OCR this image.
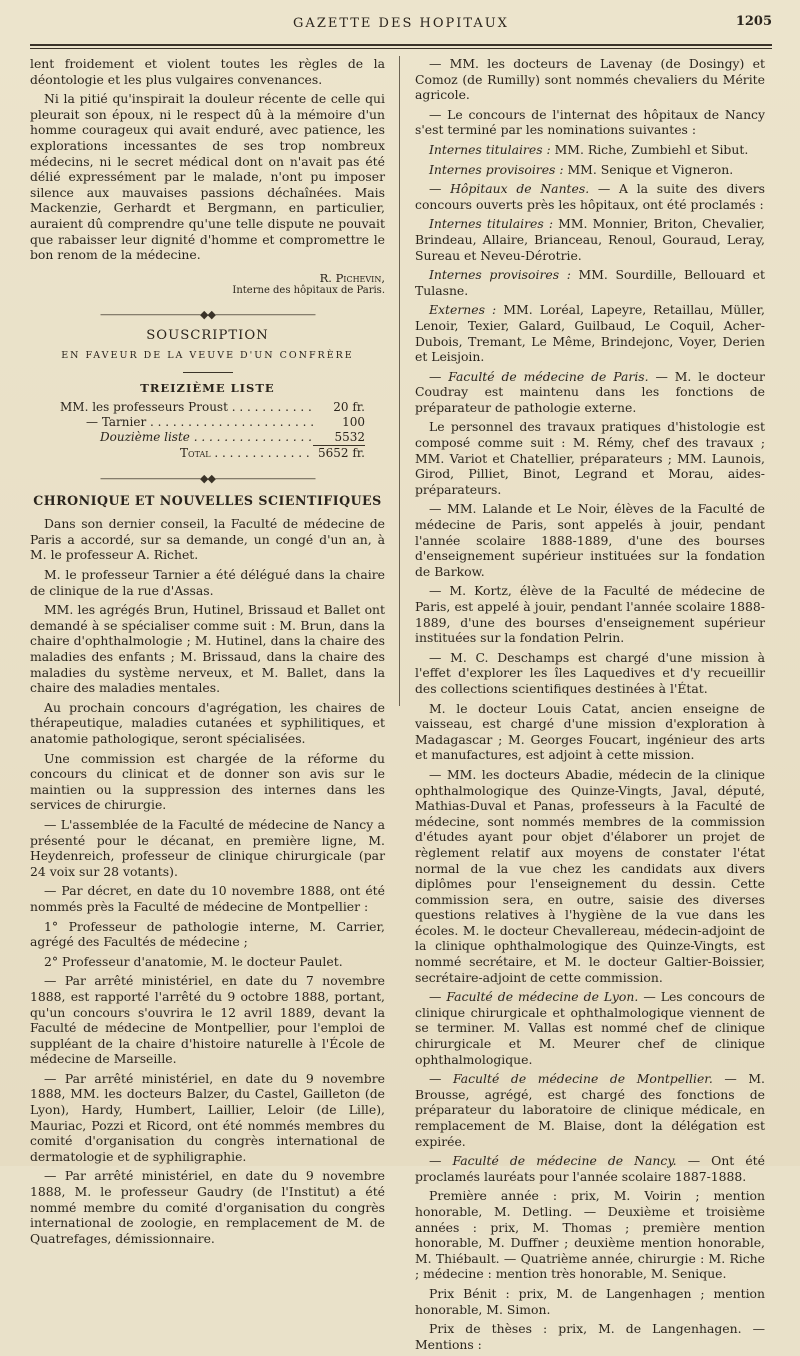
GAZETTE DES HOPITAUX	1205

lent froidement et violent toutes les règles de la déontologie et les plus vulgaires convenances.

Ni la pitié qu'inspirait la douleur récente de celle qui pleurait son époux, ni le respect dû à la mémoire d'un homme courageux qui avait enduré, avec patience, les explorations incessantes de ses trop nombreux médecins, ni le secret médical dont on n'avait pas été délié expressément par le malade, n'ont pu imposer silence aux mauvaises passions déchaînées. Mais Mackenzie, Gerhardt et Bergmann, en particulier, auraient dû comprendre qu'une telle dispute ne pouvait que rabaisser leur dignité d'homme et compromettre le bon renom de la médecine.

R. Pichevin,
Interne des hôpitaux de Paris.
——————————◆◆——————————
SOUSCRIPTION
EN FAVEUR DE LA VEUVE D'UN CONFRÈRE
TREIZIÈME LISTE
MM. les professeurs Proust . . .	20 fr.
— Tarnier . . .	100
Douzième liste . . .	5532
Total . . .	5652 fr.
——————————◆◆——————————
CHRONIQUE ET NOUVELLES SCIENTIFIQUES

Dans son dernier conseil, la Faculté de médecine de Paris a accordé, sur sa demande, un congé d'un an, à M. le professeur A. Richet.

M. le professeur Tarnier a été délégué dans la chaire de clinique de la rue d'Assas.

MM. les agrégés Brun, Hutinel, Brissaud et Ballet ont demandé à se spécialiser comme suit : M. Brun, dans la chaire d'ophthalmologie ; M. Hutinel, dans la chaire des maladies des enfants ; M. Brissaud, dans la chaire des maladies du système nerveux, et M. Ballet, dans la chaire des maladies mentales.

Au prochain concours d'agrégation, les chaires de thérapeutique, maladies cutanées et syphilitiques, et anatomie pathologique, seront spécialisées.

Une commission est chargée de la réforme du concours du clinicat et de donner son avis sur le maintien ou la suppression des internes dans les services de chirurgie.

— L'assemblée de la Faculté de médecine de Nancy a présenté pour le décanat, en première ligne, M. Heydenreich, professeur de clinique chirurgicale (par 24 voix sur 28 votants).

— Par décret, en date du 10 novembre 1888, ont été nommés près la Faculté de médecine de Montpellier :

1° Professeur de pathologie interne, M. Carrier, agrégé des Facultés de médecine ;

2° Professeur d'anatomie, M. le docteur Paulet.

— Par arrêté ministériel, en date du 7 novembre 1888, est rapporté l'arrêté du 9 octobre 1888, portant, qu'un concours s'ouvrira le 12 avril 1889, devant la Faculté de médecine de Montpellier, pour l'emploi de suppléant de la chaire d'histoire naturelle à l'École de médecine de Marseille.

— Par arrêté ministériel, en date du 9 novembre 1888, MM. les docteurs Balzer, du Castel, Gailleton (de Lyon), Hardy, Humbert, Laillier, Leloir (de Lille), Mauriac, Pozzi et Ricord, ont été nommés membres du comité d'organisation du congrès international de dermatologie et de syphiligraphie.

— Par arrêté ministériel, en date du 9 novembre 1888, M. le professeur Gaudry (de l'Institut) a été nommé membre du comité d'organisation du congrès international de zoologie, en remplacement de M. de Quatrefages, démissionnaire.

— MM. les docteurs de Lavenay (de Dosingy) et Comoz (de Rumilly) sont nommés chevaliers du Mérite agricole.

— Le concours de l'internat des hôpitaux de Nancy s'est terminé par les nominations suivantes :

Internes titulaires : MM. Riche, Zumbiehl et Sibut.

Internes provisoires : MM. Senique et Vigneron.

— Hôpitaux de Nantes. — A la suite des divers concours ouverts près les hôpitaux, ont été proclamés :

Internes titulaires : MM. Monnier, Briton, Chevalier, Brindeau, Allaire, Brianceau, Renoul, Gouraud, Leray, Sureau et Neveu-Dérotrie.

Internes provisoires : MM. Sourdille, Bellouard et Tulasne.

Externes : MM. Loréal, Lapeyre, Retaillau, Müller, Lenoir, Texier, Galard, Guilbaud, Le Coquil, Acher-Dubois, Tremant, Le Même, Brindejonc, Voyer, Derien et Leisjoin.

— Faculté de médecine de Paris. — M. le docteur Coudray est maintenu dans les fonctions de préparateur de pathologie externe.

Le personnel des travaux pratiques d'histologie est composé comme suit : M. Rémy, chef des travaux ; MM. Variot et Chatellier, préparateurs ; MM. Launois, Girod, Pilliet, Binot, Legrand et Morau, aides-préparateurs.

— MM. Lalande et Le Noir, élèves de la Faculté de médecine de Paris, sont appelés à jouir, pendant l'année scolaire 1888-1889, d'une des bourses d'enseignement supérieur instituées sur la fondation de Barkow.

— M. Kortz, élève de la Faculté de médecine de Paris, est appelé à jouir, pendant l'année scolaire 1888-1889, d'une des bourses d'enseignement supérieur instituées sur la fondation Pelrin.

— M. C. Deschamps est chargé d'une mission à l'effet d'explorer les îles Laquedives et d'y recueillir des collections scientifiques destinées à l'État.

M. le docteur Louis Catat, ancien enseigne de vaisseau, est chargé d'une mission d'exploration à Madagascar ; M. Georges Foucart, ingénieur des arts et manufactures, est adjoint à cette mission.

— MM. les docteurs Abadie, médecin de la clinique ophthalmologique des Quinze-Vingts, Javal, député, Mathias-Duval et Panas, professeurs à la Faculté de médecine, sont nommés membres de la commission d'études ayant pour objet d'élaborer un projet de règlement relatif aux moyens de constater l'état normal de la vue chez les candidats aux divers diplômes pour l'enseignement du dessin. Cette commission sera, en outre, saisie des diverses questions relatives à l'hygiène de la vue dans les écoles. M. le docteur Chevallereau, médecin-adjoint de la clinique ophthalmologique des Quinze-Vingts, est nommé secrétaire, et M. le docteur Galtier-Boissier, secrétaire-adjoint de cette commission.

— Faculté de médecine de Lyon. — Les concours de clinique chirurgicale et ophthalmologique viennent de se terminer. M. Vallas est nommé chef de clinique chirurgicale et M. Meurer chef de clinique ophthalmologique.

— Faculté de médecine de Montpellier. — M. Brousse, agrégé, est chargé des fonctions de préparateur du laboratoire de clinique médicale, en remplacement de M. Blaise, dont la délégation est expirée.

— Faculté de médecine de Nancy. — Ont été proclamés lauréats pour l'année scolaire 1887-1888.

Première année : prix, M. Voirin ; mention honorable, M. Detling. — Deuxième et troisième années : prix, M. Thomas ; première mention honorable, M. Duffner ; deuxième mention honorable, M. Thiébault. — Quatrième année, chirurgie : M. Riche ; médecine : mention très honorable, M. Senique.

Prix Bénit : prix, M. de Langenhagen ; mention honorable, M. Simon.

Prix de thèses : prix, M. de Langenhagen. — Mentions :
